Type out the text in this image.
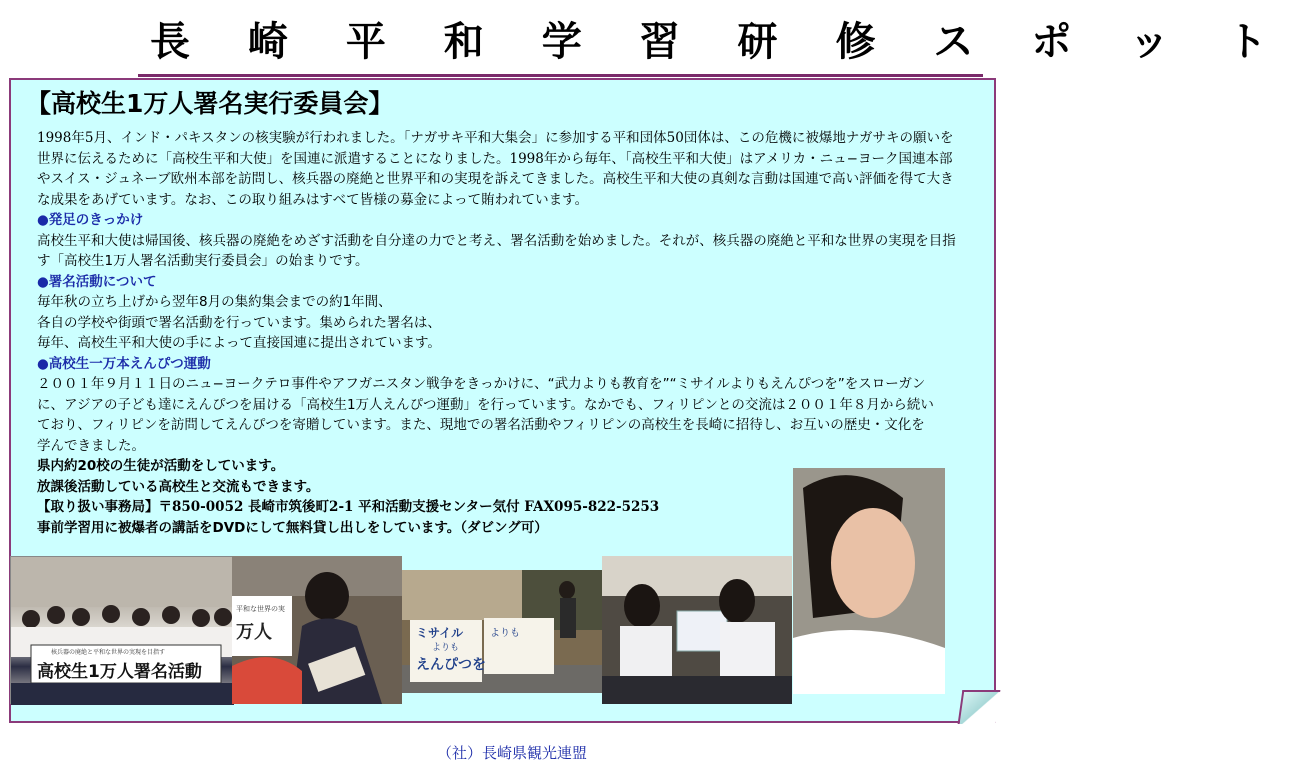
長 崎 平 和 学 習 研 修 ス ポ ッ ト
【高校生1万人署名実行委員会】

1998年5月、インド・パキスタンの核実験が行われました。「ナガサキ平和大集会」に参加する平和団体50団体は、この危機に被爆地ナガサキの願いを世界に伝えるために「高校生平和大使」を国連に派遣することになりました。1998年から毎年、「高校生平和大使」はアメリカ・ニュ−ヨーク国連本部やスイス・ジュネーブ欧州本部を訪問し、核兵器の廃絶と世界平和の実現を訴えてきました。高校生平和大使の真剣な言動は国連で高い評価を得て大きな成果をあげています。なお、この取り組みはすべて皆様の募金によって賄われています。

●発足のきっかけ

高校生平和大使は帰国後、核兵器の廃絶をめざす活動を自分達の力でと考え、署名活動を始めました。それが、核兵器の廃絶と平和な世界の実現を目指す「高校生1万人署名活動実行委員会」の始まりです。

●署名活動について

毎年秋の立ち上げから翌年8月の集約集会までの約1年間、

各自の学校や街頭で署名活動を行っています。集められた署名は、

毎年、高校生平和大使の手によって直接国連に提出されています。

●高校生一万本えんぴつ運動

２００１年９月１１日のニュ−ヨークテロ事件やアフガニスタン戦争をきっかけに、“武力よりも教育を”“ミサイルよりもえんぴつを”をスローガンに、アジアの子ども達にえんぴつを届ける「高校生1万人えんぴつ運動」を行っています。なかでも、フィリピンとの交流は２００１年８月から続いており、フィリピンを訪問してえんぴつを寄贈しています。また、現地での署名活動やフィリピンの高校生を長崎に招待し、お互いの歴史・文化を学んできました。

県内約20校の生徒が活動をしています。

放課後活動している高校生と交流もできます。

【取り扱い事務局】〒850-0052 長崎市筑後町2-1 平和活動支援センター気付 FAX095-822-5253

事前学習用に被爆者の講話をDVDにして無料貸し出しをしています。（ダビング可）

核兵器の廃絶と平和な世界の実現を目指す
高校生1万人署名活動
平和な世界の実
万人	ミサイル
よりも
えんぴつを
よりも
（社）長崎県観光連盟
